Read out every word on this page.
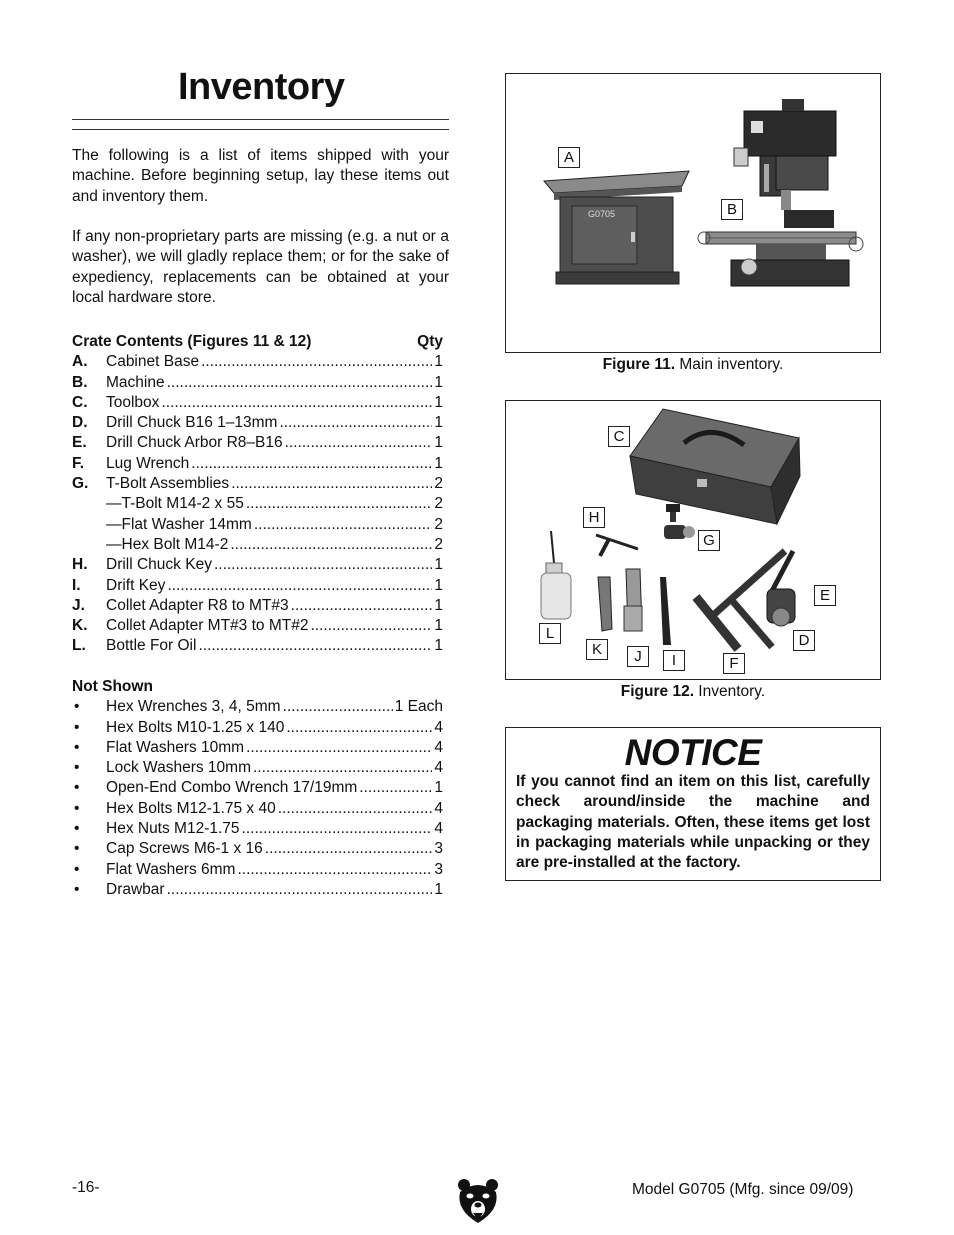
Inventory

The following is a list of items shipped with your machine. Before beginning setup, lay these items out and inventory them.

If any non-proprietary parts are missing (e.g. a nut or a washer), we will gladly replace them; or for the sake of expediency, replacements can be obtained at your local hardware store.

Crate Contents (Figures 11 & 12)	Qty
A.	Cabinet Base .....	1
B.	Machine .....	1
C.	Toolbox .....	1
D.	Drill Chuck B16 1–13mm .....	1
E.	Drill Chuck Arbor R8–B16 .....	1
F.	Lug Wrench .....	1
G.	T-Bolt Assemblies .....	2
—T-Bolt M14-2 x 55 .....	2
—Flat Washer 14mm .....	2
—Hex Bolt M14-2 .....	2
H.	Drill Chuck Key .....	1
I.	Drift Key .....	1
J.	Collet Adapter R8 to MT#3 .....	1
K.	Collet Adapter MT#3 to MT#2 .....	1
L.	Bottle For Oil .....	1
Not Shown
•	Hex Wrenches 3, 4, 5mm .....	1 Each
•	Hex Bolts M10-1.25 x 140 .....	4
•	Flat Washers 10mm .....	4
•	Lock Washers 10mm .....	4
•	Open-End Combo Wrench 17/19mm .....	1
•	Hex Bolts M12-1.75 x 40 .....	4
•	Hex Nuts M12-1.75 .....	4
•	Cap Screws M6-1 x 16 .....	3
•	Flat Washers 6mm .....	3
•	Drawbar .....	1
G0705
A
B
Figure 11. Main inventory.
C
H
G
E
L
K	J	I	F
D
Figure 12. Inventory.
NOTICE
If you cannot find an item on this list, carefully check around/inside the machine and packaging materials. Often, these items get lost in packaging materials while unpacking or they are pre-installed at the factory.
-16-	Model G0705 (Mfg. since 09/09)
